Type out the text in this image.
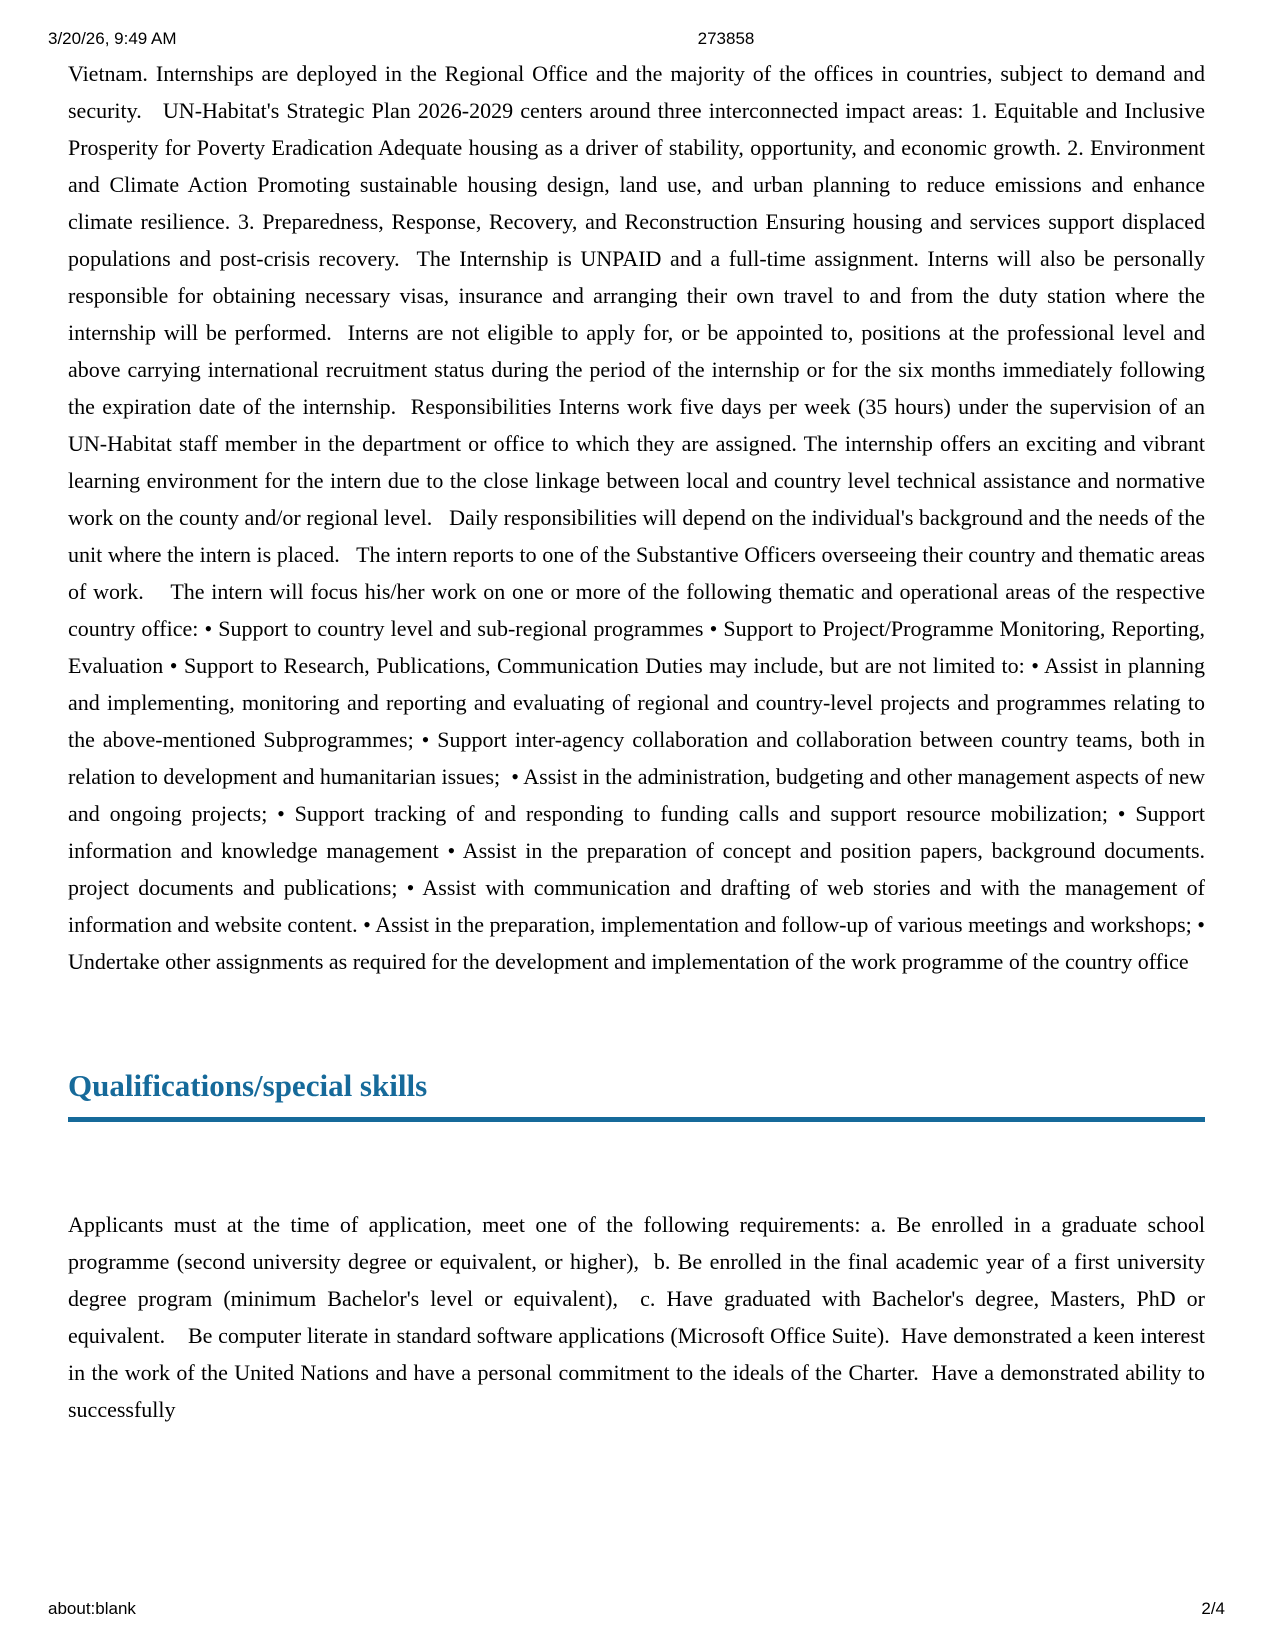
3/20/26, 9:49 AM	273858

Vietnam. Internships are deployed in the Regional Office and the majority of the offices in countries, subject to demand and security.   UN-Habitat's Strategic Plan 2026-2029 centers around three interconnected impact areas: 1. Equitable and Inclusive Prosperity for Poverty Eradication Adequate housing as a driver of stability, opportunity, and economic growth. 2. Environment and Climate Action Promoting sustainable housing design, land use, and urban planning to reduce emissions and enhance climate resilience. 3. Preparedness, Response, Recovery, and Reconstruction Ensuring housing and services support displaced populations and post-crisis recovery.  The Internship is UNPAID and a full-time assignment. Interns will also be personally responsible for obtaining necessary visas, insurance and arranging their own travel to and from the duty station where the internship will be performed.  Interns are not eligible to apply for, or be appointed to, positions at the professional level and above carrying international recruitment status during the period of the internship or for the six months immediately following the expiration date of the internship.  Responsibilities Interns work five days per week (35 hours) under the supervision of an UN-Habitat staff member in the department or office to which they are assigned. The internship offers an exciting and vibrant learning environment for the intern due to the close linkage between local and country level technical assistance and normative work on the county and/or regional level.   Daily responsibilities will depend on the individual's background and the needs of the unit where the intern is placed.   The intern reports to one of the Substantive Officers overseeing their country and thematic areas of work.    The intern will focus his/her work on one or more of the following thematic and operational areas of the respective country office: • Support to country level and sub-regional programmes • Support to Project/Programme Monitoring, Reporting, Evaluation • Support to Research, Publications, Communication Duties may include, but are not limited to: • Assist in planning and implementing, monitoring and reporting and evaluating of regional and country-level projects and programmes relating to the above-mentioned Subprogrammes; • Support inter-agency collaboration and collaboration between country teams, both in relation to development and humanitarian issues;  • Assist in the administration, budgeting and other management aspects of new and ongoing projects; • Support tracking of and responding to funding calls and support resource mobilization; • Support information and knowledge management • Assist in the preparation of concept and position papers, background documents. project documents and publications; • Assist with communication and drafting of web stories and with the management of information and website content. • Assist in the preparation, implementation and follow-up of various meetings and workshops; • Undertake other assignments as required for the development and implementation of the work programme of the country office

Qualifications/special skills

Applicants must at the time of application, meet one of the following requirements: a. Be enrolled in a graduate school programme (second university degree or equivalent, or higher),  b. Be enrolled in the final academic year of a first university degree program (minimum Bachelor's level or equivalent),  c. Have graduated with Bachelor's degree, Masters, PhD or equivalent.    Be computer literate in standard software applications (Microsoft Office Suite).  Have demonstrated a keen interest in the work of the United Nations and have a personal commitment to the ideals of the Charter.  Have a demonstrated ability to successfully

about:blank	2/4
